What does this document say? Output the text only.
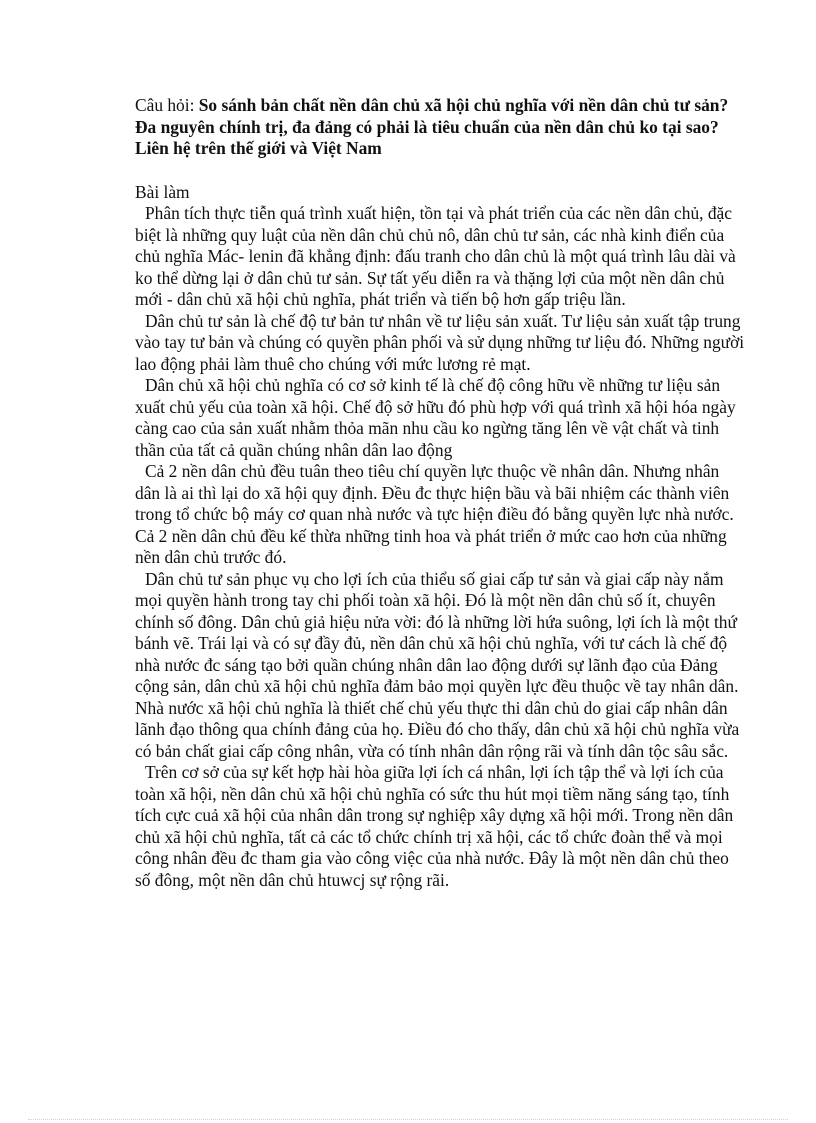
Câu hỏi: So sánh bản chất nền dân chủ xã hội chủ nghĩa với nền dân chủ tư sản? Đa nguyên chính trị, đa đảng có phải là tiêu chuẩn của nền dân chủ ko tại sao? Liên hệ trên thế giới và Việt Nam

Bài làm

Phân tích thực tiễn quá trình xuất hiện, tồn tại và phát triển của các nền dân chủ, đặc biệt là những quy luật của nền dân chủ chủ nô, dân chủ tư sản, các nhà kinh điển của chủ nghĩa Mác- lenin đã khẳng định: đấu tranh cho dân chủ là một quá trình lâu dài và ko thể dừng lại ở dân chủ tư sản. Sự tất yếu diễn ra và thặng lợi của một nền dân chủ mới - dân chủ xã hội chủ nghĩa, phát triển và tiến bộ hơn gấp triệu lần.

Dân chủ tư sản là chế độ tư bản tư nhân về tư liệu sản xuất. Tư liệu sản xuất tập trung vào tay tư bản và chúng có quyền phân phối và sử dụng những tư liệu đó. Những người lao động phải làm thuê cho chúng với mức lương rẻ mạt.

Dân chủ xã hội chủ nghĩa có cơ sở kinh tế là chế độ công hữu về những tư liệu sản xuất chủ yếu của toàn xã hội. Chế độ sở hữu đó phù hợp với quá trình xã hội hóa ngày càng cao của sản xuất nhằm thỏa mãn nhu cầu ko ngừng tăng lên về vật chất và tinh thần của tất cả quần chúng nhân dân lao động

Cả 2 nền dân chủ đều tuân theo tiêu chí quyền lực thuộc về nhân dân. Nhưng nhân dân là ai thì lại do xã hội quy định. Đều đc thực hiện bầu và bãi nhiệm các thành viên trong tổ chức bộ máy cơ quan nhà nước và tực hiện điều đó bằng quyền lực nhà nước. Cả 2 nền dân chủ đều kế thừa những tinh hoa và phát triển ở mức cao hơn của những nền dân chủ trước đó.

Dân chủ tư sản phục vụ cho lợi ích của thiểu số giai cấp tư sản và giai cấp này nắm mọi quyền hành trong tay chi phối toàn xã hội. Đó là một nền dân chủ số ít, chuyên chính số đông. Dân chủ giả hiệu nửa vời: đó là những lời hứa suông, lợi ích là một thứ bánh vẽ. Trái lại và có sự đầy đủ, nền dân chủ xã hội chủ nghĩa, với tư cách là chế độ nhà nước đc sáng tạo bởi quần chúng nhân dân lao động dưới sự lãnh đạo của Đảng cộng sản, dân chủ xã hội chủ nghĩa đảm bảo mọi quyền lực đều thuộc về tay nhân dân. Nhà nước xã hội chủ nghĩa là thiết chế chủ yếu thực thi dân chủ do giai cấp nhân dân lãnh đạo thông qua chính đảng của họ. Điều đó cho thấy, dân chủ xã hội chủ nghĩa vừa có bản chất giai cấp công nhân, vừa có tính nhân dân rộng rãi và tính dân tộc sâu sắc.

Trên cơ sở của sự kết hợp hài hòa giữa lợi ích cá nhân, lợi ích tập thể và lợi ích của toàn xã hội, nền dân chủ xã hội chủ nghĩa có sức thu hút mọi tiềm năng sáng tạo, tính tích cực cuả xã hội của nhân dân trong sự nghiệp xây dựng xã hội mới. Trong nền dân chủ xã hội chủ nghĩa, tất cả các tổ chức chính trị xã hội, các tổ chức đoàn thể và mọi công nhân đều đc tham gia vào công việc của nhà nước. Đây là một nền dân chủ theo số đông, một nền dân chủ htuwcj sự rộng rãi.
